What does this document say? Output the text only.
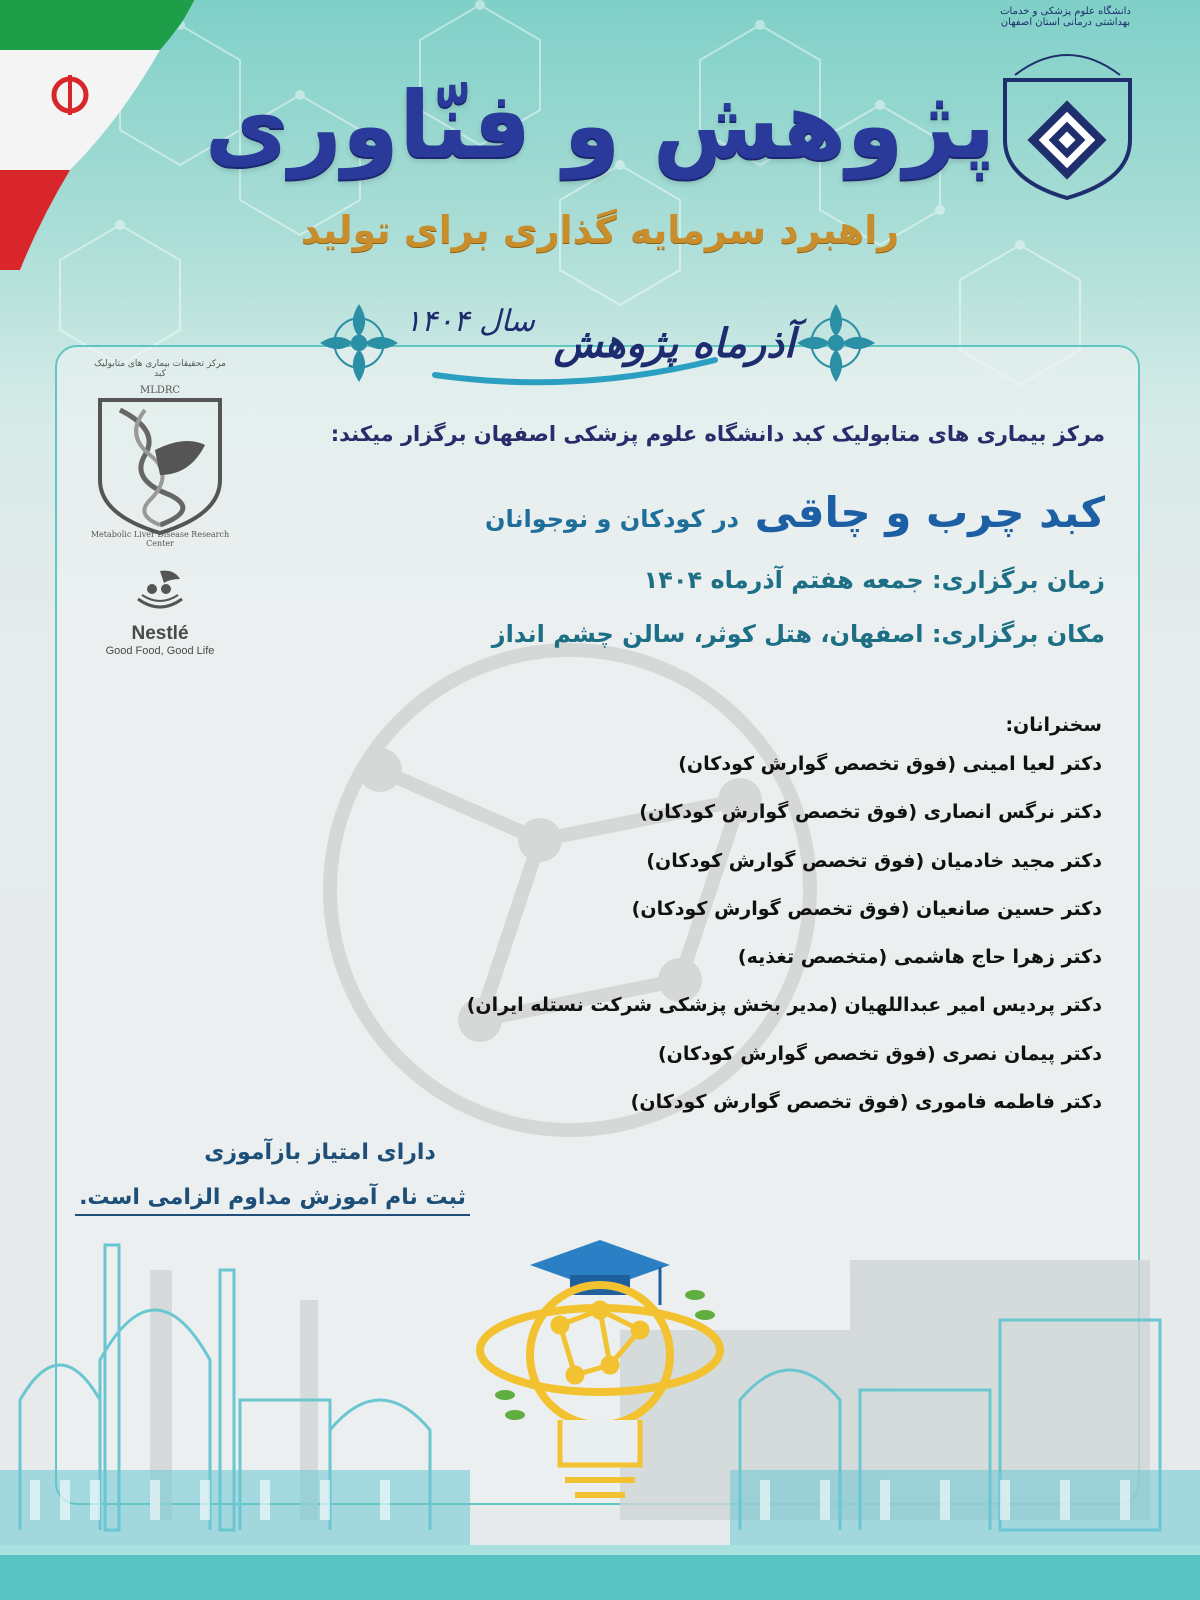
دانشگاه علوم پزشکی و خدمات بهداشتی درمانی استان اصفهان
پژوهش و فنّاوری
راهبرد سرمایه گذاری برای تولید
آذرماه پژوهش
سال ۱۴۰۴
مرکز تحقیقات بیماری های متابولیک کبد
MLDRC
Metabolic Liver Disease Research Center
Nestlé
Good Food, Good Life
مرکز بیماری های متابولیک کبد دانشگاه علوم پزشکی اصفهان برگزار میکند:
کبد چرب و چاقی در کودکان و نوجوانان
زمان برگزاری: جمعه هفتم آذرماه ۱۴۰۴
مکان برگزاری: اصفهان، هتل کوثر، سالن چشم انداز
سخنرانان:
دکتر لعیا امینی (فوق تخصص گوارش کودکان)
دکتر نرگس انصاری (فوق تخصص گوارش کودکان)
دکتر مجید خادمیان (فوق تخصص گوارش کودکان)
دکتر حسین صانعیان (فوق تخصص گوارش کودکان)
دکتر زهرا حاج هاشمی (متخصص تغذیه)
دکتر پردیس امیر عبداللهیان (مدیر بخش پزشکی شرکت نستله ایران)
دکتر پیمان نصری (فوق تخصص گوارش کودکان)
دکتر فاطمه فاموری (فوق تخصص گوارش کودکان)
دارای امتیاز بازآموزی
ثبت نام آموزش مداوم الزامی است.
